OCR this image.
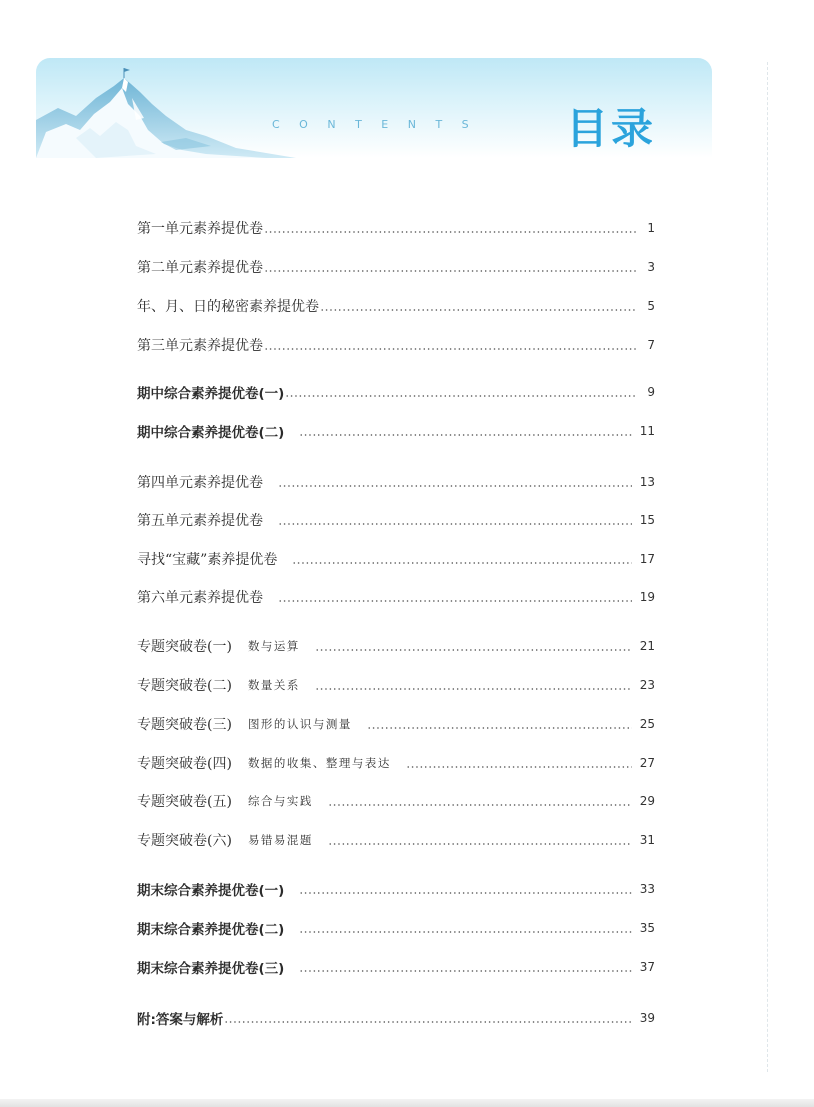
CONTENTS 目录
第一单元素养提优卷	1
第二单元素养提优卷	3
年、月、日的秘密素养提优卷	5
第三单元素养提优卷	7
期中综合素养提优卷(一)	9
期中综合素养提优卷(二)	11
第四单元素养提优卷	13
第五单元素养提优卷	15
寻找“宝藏”素养提优卷	17
第六单元素养提优卷	19
专题突破卷(一) 数与运算	21
专题突破卷(二) 数量关系	23
专题突破卷(三) 图形的认识与测量	25
专题突破卷(四) 数据的收集、整理与表达	27
专题突破卷(五) 综合与实践	29
专题突破卷(六) 易错易混题	31
期末综合素养提优卷(一)	33
期末综合素养提优卷(二)	35
期末综合素养提优卷(三)	37
附:答案与解析	39
